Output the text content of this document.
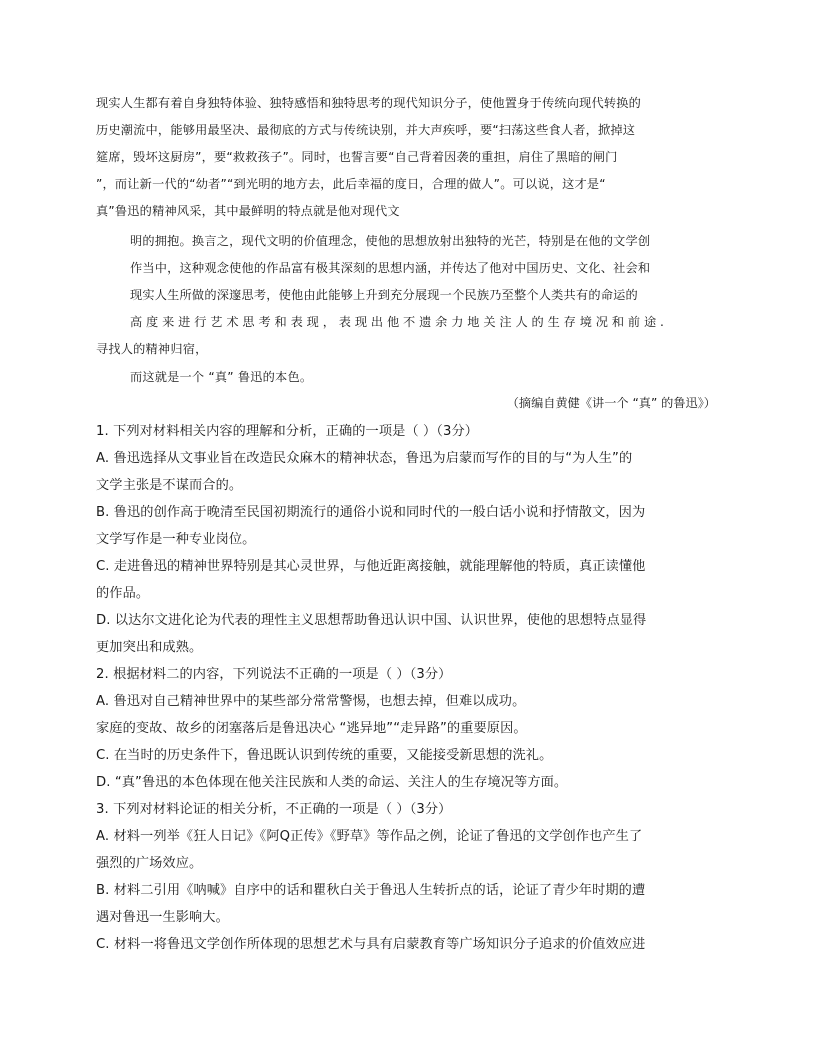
现实人生都有着自身独特体验、独特感悟和独特思考的现代知识分子，使他置身于传统向现代转换的
历史潮流中，能够用最坚决、最彻底的方式与传统诀别，并大声疾呼，要“扫荡这些食人者，掀掉这
筵席，毁坏这厨房”，要“救救孩子”。同时，也誓言要“自己背着因袭的重担，肩住了黑暗的闸门
”，而让新一代的“幼者”“到光明的地方去，此后幸福的度日，合理的做人”。可以说，这才是“
真”鲁迅的精神风采，其中最鲜明的特点就是他对现代文
明的拥抱。换言之，现代文明的价值理念，使他的思想放射出独特的光芒，特别是在他的文学创
作当中，这种观念使他的作品富有极其深刻的思想内涵，并传达了他对中国历史、文化、社会和
现实人生所做的深邃思考，使他由此能够上升到充分展现一个民族乃至整个人类共有的命运的
高 度 来 进 行 艺 术 思 考 和 表 现 ， 表 现 出 他 不 遗 余 力 地 关 注 人 的 生 存 境 况 和 前 途 .
寻找人的精神归宿，
而这就是一个 “真” 鲁迅的本色。
（摘编自黄健《讲一个 “真” 的鲁迅》）
1. 下列对材料相关内容的理解和分析，正确的一项是（ ）（3分）
A. 鲁迅选择从文事业旨在改造民众麻木的精神状态，鲁迅为启蒙而写作的目的与“为人生”的
文学主张是不谋而合的。
B. 鲁迅的创作高于晚清至民国初期流行的通俗小说和同时代的一般白话小说和抒情散文，因为
文学写作是一种专业岗位。
C. 走进鲁迅的精神世界特别是其心灵世界，与他近距离接触，就能理解他的特质，真正读懂他
的作品。
D. 以达尔文进化论为代表的理性主义思想帮助鲁迅认识中国、认识世界，使他的思想特点显得
更加突出和成熟。
2. 根据材料二的内容，下列说法不正确的一项是（ ）（3分）
A. 鲁迅对自己精神世界中的某些部分常常警惕，也想去掉，但难以成功。
家庭的变故、故乡的闭塞落后是鲁迅决心 “逃异地”“走异路”的重要原因。
C. 在当时的历史条件下，鲁迅既认识到传统的重要，又能接受新思想的洗礼。
D. “真”鲁迅的本色体现在他关注民族和人类的命运、关注人的生存境况等方面。
3. 下列对材料论证的相关分析，不正确的一项是（ ）（3分）
A. 材料一列举《狂人日记》《阿Q正传》《野草》等作品之例，论证了鲁迅的文学创作也产生了
强烈的广场效应。
B. 材料二引用《呐喊》自序中的话和瞿秋白关于鲁迅人生转折点的话，论证了青少年时期的遭
遇对鲁迅一生影响大。
C. 材料一将鲁迅文学创作所体现的思想艺术与具有启蒙教育等广场知识分子追求的价值效应进
